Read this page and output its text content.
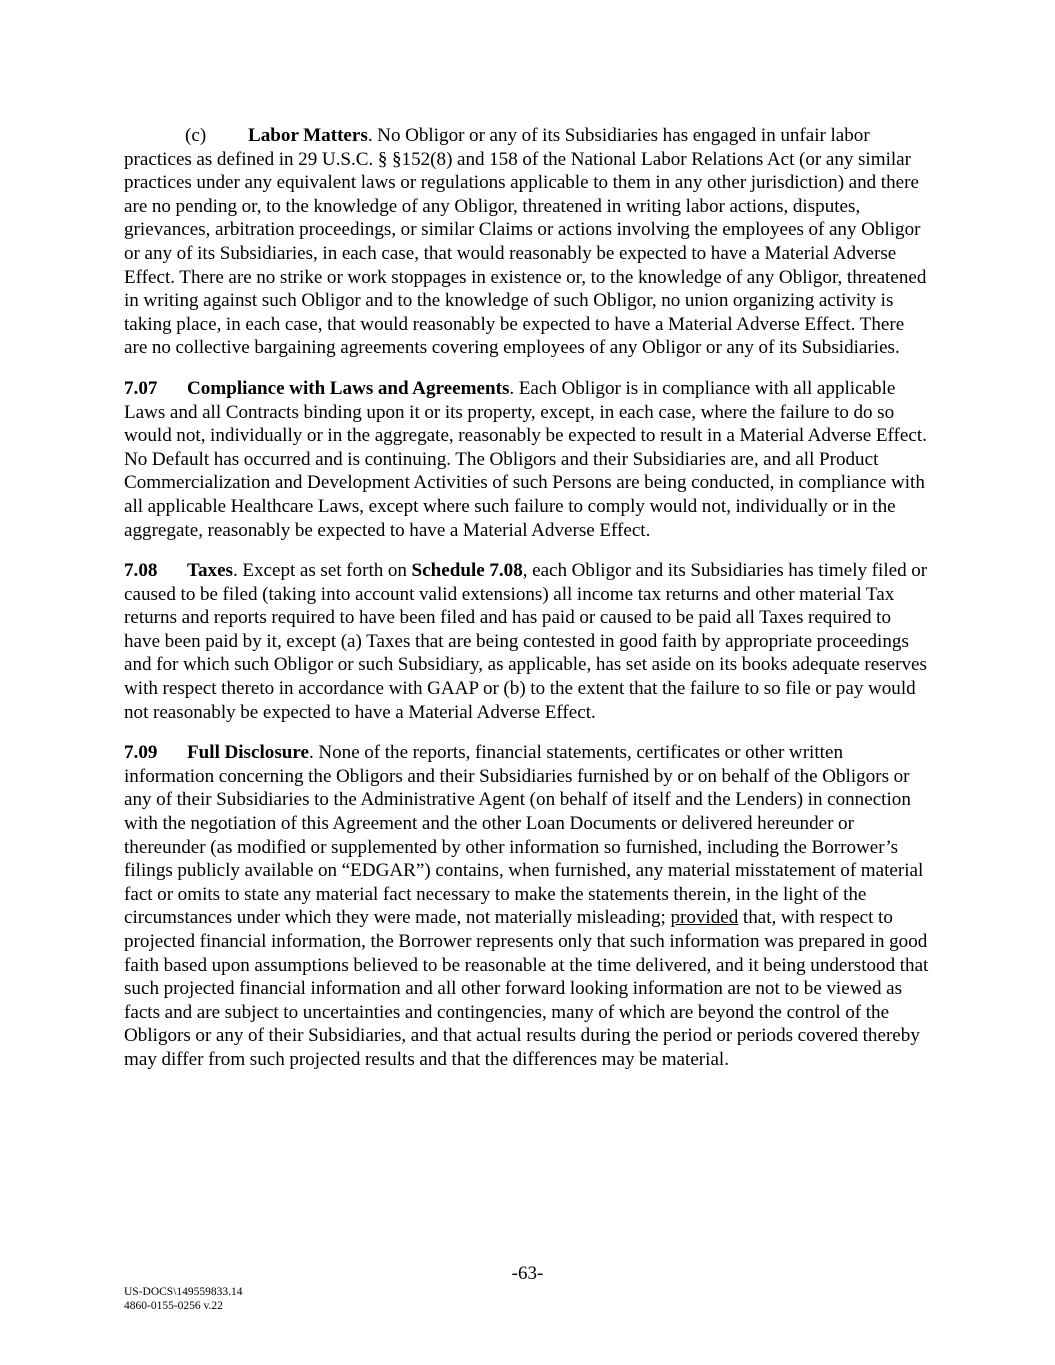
(c) Labor Matters. No Obligor or any of its Subsidiaries has engaged in unfair labor practices as defined in 29 U.S.C. § §152(8) and 158 of the National Labor Relations Act (or any similar practices under any equivalent laws or regulations applicable to them in any other jurisdiction) and there are no pending or, to the knowledge of any Obligor, threatened in writing labor actions, disputes, grievances, arbitration proceedings, or similar Claims or actions involving the employees of any Obligor or any of its Subsidiaries, in each case, that would reasonably be expected to have a Material Adverse Effect. There are no strike or work stoppages in existence or, to the knowledge of any Obligor, threatened in writing against such Obligor and to the knowledge of such Obligor, no union organizing activity is taking place, in each case, that would reasonably be expected to have a Material Adverse Effect. There are no collective bargaining agreements covering employees of any Obligor or any of its Subsidiaries.

7.07 Compliance with Laws and Agreements. Each Obligor is in compliance with all applicable Laws and all Contracts binding upon it or its property, except, in each case, where the failure to do so would not, individually or in the aggregate, reasonably be expected to result in a Material Adverse Effect. No Default has occurred and is continuing. The Obligors and their Subsidiaries are, and all Product Commercialization and Development Activities of such Persons are being conducted, in compliance with all applicable Healthcare Laws, except where such failure to comply would not, individually or in the aggregate, reasonably be expected to have a Material Adverse Effect.

7.08 Taxes. Except as set forth on Schedule 7.08, each Obligor and its Subsidiaries has timely filed or caused to be filed (taking into account valid extensions) all income tax returns and other material Tax returns and reports required to have been filed and has paid or caused to be paid all Taxes required to have been paid by it, except (a) Taxes that are being contested in good faith by appropriate proceedings and for which such Obligor or such Subsidiary, as applicable, has set aside on its books adequate reserves with respect thereto in accordance with GAAP or (b) to the extent that the failure to so file or pay would not reasonably be expected to have a Material Adverse Effect.

7.09 Full Disclosure. None of the reports, financial statements, certificates or other written information concerning the Obligors and their Subsidiaries furnished by or on behalf of the Obligors or any of their Subsidiaries to the Administrative Agent (on behalf of itself and the Lenders) in connection with the negotiation of this Agreement and the other Loan Documents or delivered hereunder or thereunder (as modified or supplemented by other information so furnished, including the Borrower’s filings publicly available on “EDGAR”) contains, when furnished, any material misstatement of material fact or omits to state any material fact necessary to make the statements therein, in the light of the circumstances under which they were made, not materially misleading; provided that, with respect to projected financial information, the Borrower represents only that such information was prepared in good faith based upon assumptions believed to be reasonable at the time delivered, and it being understood that such projected financial information and all other forward looking information are not to be viewed as facts and are subject to uncertainties and contingencies, many of which are beyond the control of the Obligors or any of their Subsidiaries, and that actual results during the period or periods covered thereby may differ from such projected results and that the differences may be material.

-63-
US-DOCS\149559833.14
4860-0155-0256 v.22
